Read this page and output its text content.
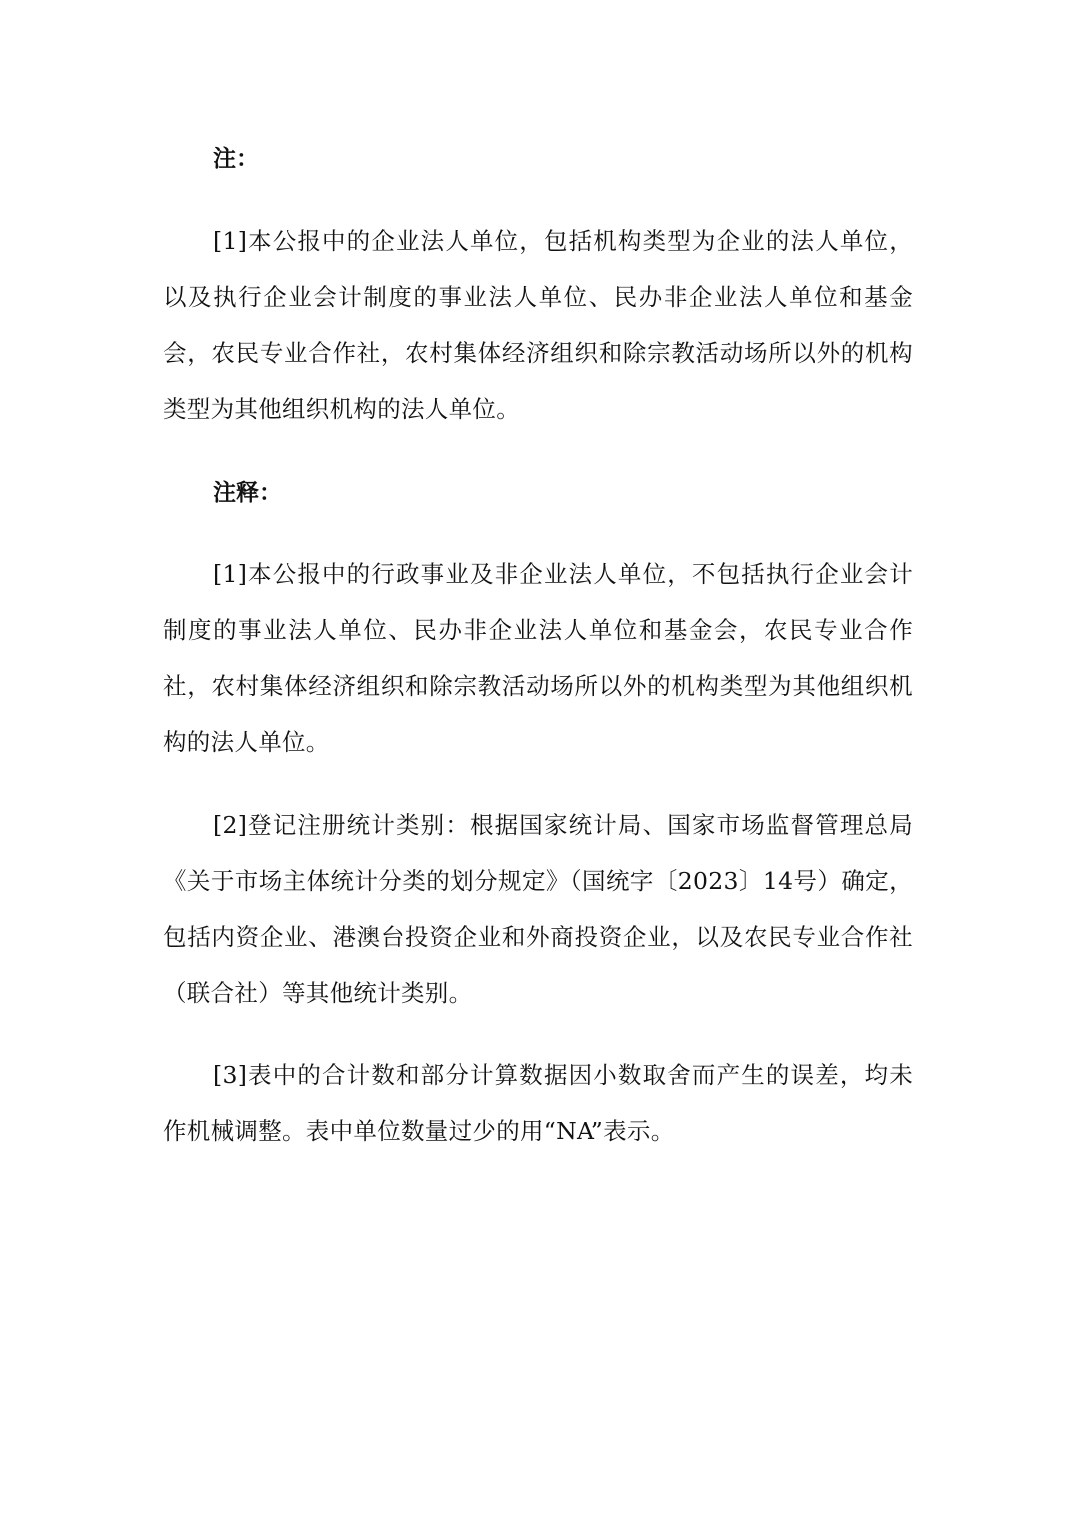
注：
[1]本公报中的企业法人单位，包括机构类型为企业的法人单位，以及执行企业会计制度的事业法人单位、民办非企业法人单位和基金会，农民专业合作社，农村集体经济组织和除宗教活动场所以外的机构类型为其他组织机构的法人单位。
注释：
[1]本公报中的行政事业及非企业法人单位，不包括执行企业会计制度的事业法人单位、民办非企业法人单位和基金会，农民专业合作社，农村集体经济组织和除宗教活动场所以外的机构类型为其他组织机构的法人单位。
[2]登记注册统计类别：根据国家统计局、国家市场监督管理总局《关于市场主体统计分类的划分规定》（国统字〔2023〕14号）确定，包括内资企业、港澳台投资企业和外商投资企业，以及农民专业合作社（联合社）等其他统计类别。
[3]表中的合计数和部分计算数据因小数取舍而产生的误差，均未作机械调整。表中单位数量过少的用“NA”表示。
